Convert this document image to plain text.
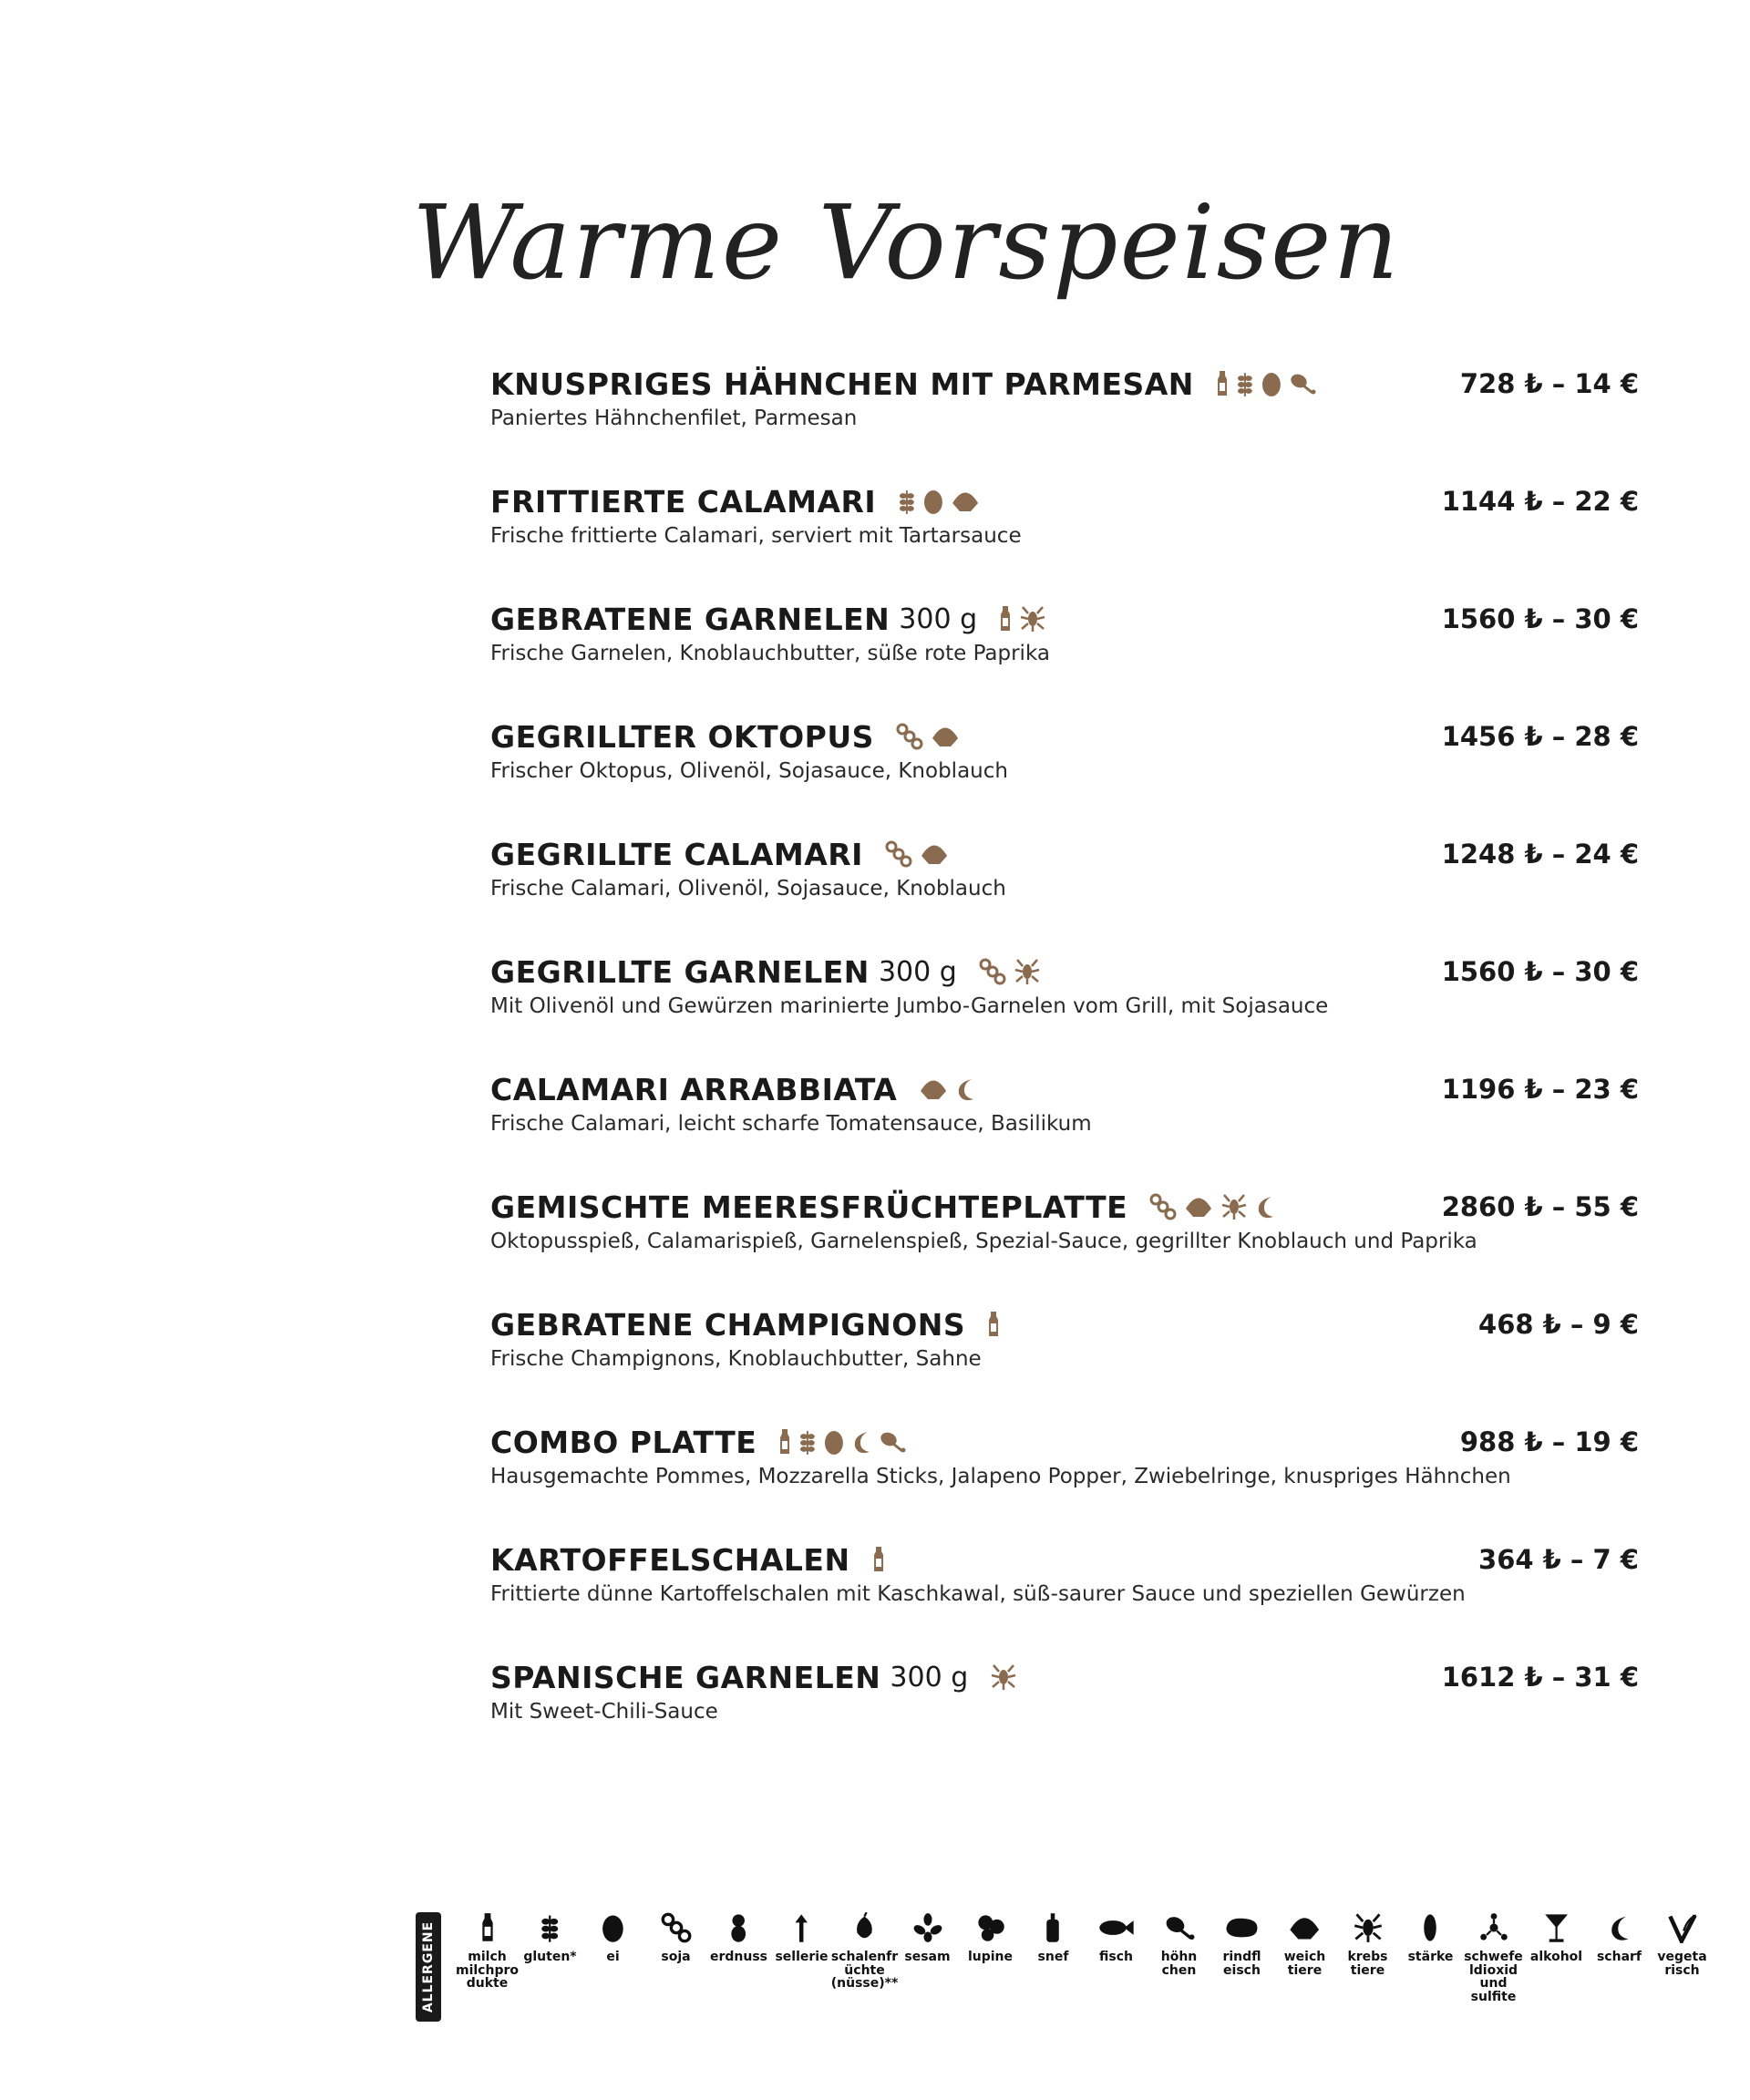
Warme Vorspeisen
KNUSPRIGES HÄHNCHEN MIT PARMESAN	728 ₺ – 14 €
Paniertes Hähnchenfilet, Parmesan
FRITTIERTE CALAMARI	1144 ₺ – 22 €
Frische frittierte Calamari, serviert mit Tartarsauce
GEBRATENE GARNELEN 300 g	1560 ₺ – 30 €
Frische Garnelen, Knoblauchbutter, süße rote Paprika
GEGRILLTER OKTOPUS	1456 ₺ – 28 €
Frischer Oktopus, Olivenöl, Sojasauce, Knoblauch
GEGRILLTE CALAMARI	1248 ₺ – 24 €
Frische Calamari, Olivenöl, Sojasauce, Knoblauch
GEGRILLTE GARNELEN 300 g	1560 ₺ – 30 €
Mit Olivenöl und Gewürzen marinierte Jumbo-Garnelen vom Grill, mit Sojasauce
CALAMARI ARRABBIATA	1196 ₺ – 23 €
Frische Calamari, leicht scharfe Tomatensauce, Basilikum
GEMISCHTE MEERESFRÜCHTEPLATTE	2860 ₺ – 55 €
Oktopusspieß, Calamarispieß, Garnelenspieß, Spezial-Sauce, gegrillter Knoblauch und Paprika
GEBRATENE CHAMPIGNONS	468 ₺ – 9 €
Frische Champignons, Knoblauchbutter, Sahne
COMBO PLATTE	988 ₺ – 19 €
Hausgemachte Pommes, Mozzarella Sticks, Jalapeno Popper, Zwiebelringe, knuspriges Hähnchen
KARTOFFELSCHALEN	364 ₺ – 7 €
Frittierte dünne Kartoffelschalen mit Kaschkawal, süß-saurer Sauce und speziellen Gewürzen
SPANISCHE GARNELEN 300 g	1612 ₺ – 31 €
Mit Sweet-Chili-Sauce
ALLERGENE	milch
milchpro
dukte
gluten* ei	soja erdnuss sellerie schalenfr
üchte
(nüsse)**
sesam lupine snef fisch höhn
chen
rindfl
eisch
weich
tiere
krebs
tiere
stärke schwefe
ldioxid
und
sulfite
alkohol scharf vegeta
risch
